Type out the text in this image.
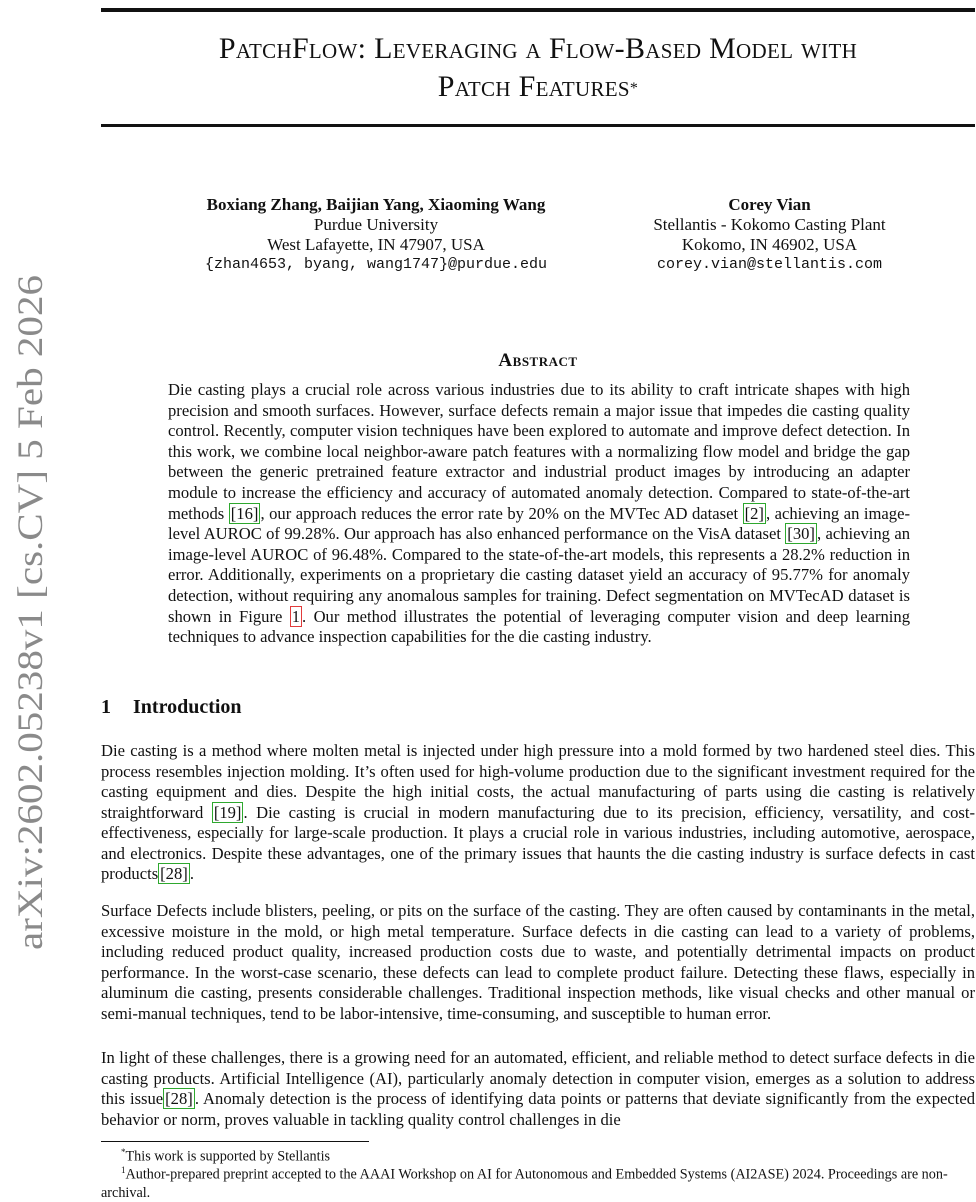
arXiv:2602.05238v1 [cs.CV] 5 Feb 2026
PatchFlow: Leveraging a Flow-Based Model with
Patch Features*
Boxiang Zhang, Baijian Yang, Xiaoming Wang
Purdue University
West Lafayette, IN 47907, USA
{zhan4653, byang, wang1747}@purdue.edu
Corey Vian
Stellantis - Kokomo Casting Plant
Kokomo, IN 46902, USA
corey.vian@stellantis.com
Abstract
Die casting plays a crucial role across various industries due to its ability to craft intricate shapes with high precision and smooth surfaces. However, surface defects remain a major issue that impedes die casting quality control. Recently, computer vision techniques have been explored to automate and improve defect detection. In this work, we combine local neighbor-aware patch features with a normalizing flow model and bridge the gap between the generic pretrained feature extractor and industrial product images by introducing an adapter module to increase the efficiency and accuracy of automated anomaly detection. Compared to state-of-the-art methods [16] , our approach reduces the error rate by 20% on the MVTec AD dataset [2] , achieving an image-level AUROC of 99.28%. Our approach has also enhanced performance on the VisA dataset [30] , achieving an image-level AUROC of 96.48%. Compared to the state-of-the-art models, this represents a 28.2% reduction in error. Additionally, experiments on a proprietary die casting dataset yield an accuracy of 95.77% for anomaly detection, without requiring any anomalous samples for training. Defect segmentation on MVTecAD dataset is shown in Figure 1 . Our method illustrates the potential of leveraging computer vision and deep learning techniques to advance inspection capabilities for the die casting industry.
1 Introduction

Die casting is a method where molten metal is injected under high pressure into a mold formed by two hardened steel dies. This process resembles injection molding. It’s often used for high-volume production due to the significant investment required for the casting equipment and dies. Despite the high initial costs, the actual manufacturing of parts using die casting is relatively straightforward [19] . Die casting is crucial in modern manufacturing due to its precision, efficiency, versatility, and cost-effectiveness, especially for large-scale production. It plays a crucial role in various industries, including automotive, aerospace, and electronics. Despite these advantages, one of the primary issues that haunts the die casting industry is surface defects in cast products [28] .

Surface Defects include blisters, peeling, or pits on the surface of the casting. They are often caused by contaminants in the metal, excessive moisture in the mold, or high metal temperature. Surface defects in die casting can lead to a variety of problems, including reduced product quality, increased production costs due to waste, and potentially detrimental impacts on product performance. In the worst-case scenario, these defects can lead to complete product failure. Detecting these flaws, especially in aluminum die casting, presents considerable challenges. Traditional inspection methods, like visual checks and other manual or semi-manual techniques, tend to be labor-intensive, time-consuming, and susceptible to human error.

In light of these challenges, there is a growing need for an automated, efficient, and reliable method to detect surface defects in die casting products. Artificial Intelligence (AI), particularly anomaly detection in computer vision, emerges as a solution to address this issue [28] . Anomaly detection is the process of identifying data points or patterns that deviate significantly from the expected behavior or norm, proves valuable in tackling quality control challenges in die

*This work is supported by Stellantis
$^1$Author-prepared preprint accepted to the AAAI Workshop on AI for Autonomous and Embedded Systems (AI2ASE) 2024. Proceedings are non-archival.
